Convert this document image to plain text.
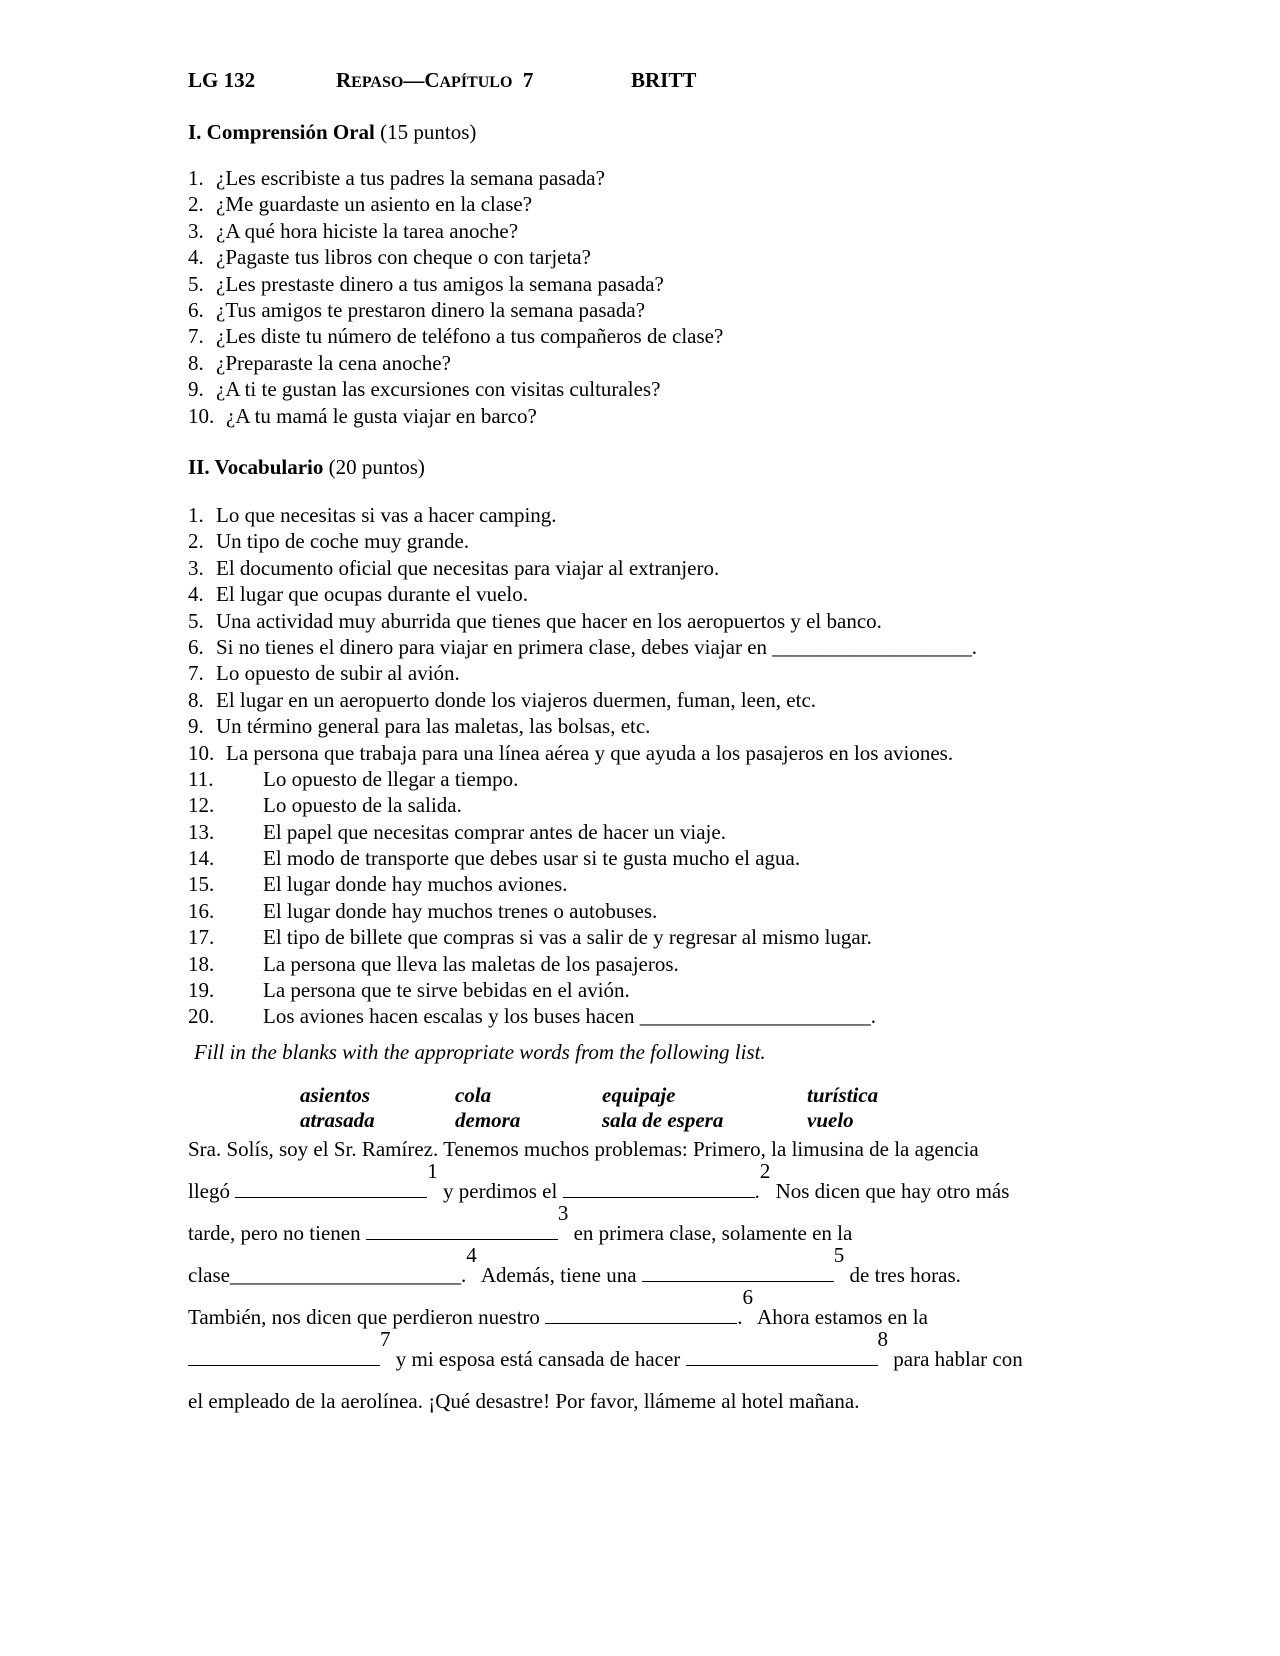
LG 132	REPASO—CAPÍTULO 7	BRITT
I. Comprensión Oral (15 puntos)
1. ¿Les escribiste a tus padres la semana pasada?
2. ¿Me guardaste un asiento en la clase?
3. ¿A qué hora hiciste la tarea anoche?
4. ¿Pagaste tus libros con cheque o con tarjeta?
5. ¿Les prestaste dinero a tus amigos la semana pasada?
6. ¿Tus amigos te prestaron dinero la semana pasada?
7. ¿Les diste tu número de teléfono a tus compañeros de clase?
8. ¿Preparaste la cena anoche?
9. ¿A ti te gustan las excursiones con visitas culturales?
10. ¿A tu mamá le gusta viajar en barco?
II. Vocabulario (20 puntos)
1. Lo que necesitas si vas a hacer camping.
2. Un tipo de coche muy grande.
3. El documento oficial que necesitas para viajar al extranjero.
4. El lugar que ocupas durante el vuelo.
5. Una actividad muy aburrida que tienes que hacer en los aeropuertos y el banco.
6. Si no tienes el dinero para viajar en primera clase, debes viajar en ___________________.
7. Lo opuesto de subir al avión.
8. El lugar en un aeropuerto donde los viajeros duermen, fuman, leen, etc.
9. Un término general para las maletas, las bolsas, etc.
10. La persona que trabaja para una línea aérea y que ayuda a los pasajeros en los aviones.
11. Lo opuesto de llegar a tiempo.
12. Lo opuesto de la salida.
13. El papel que necesitas comprar antes de hacer un viaje.
14. El modo de transporte que debes usar si te gusta mucho el agua.
15. El lugar donde hay muchos aviones.
16. El lugar donde hay muchos trenes o autobuses.
17. El tipo de billete que compras si vas a salir de y regresar al mismo lugar.
18. La persona que lleva las maletas de los pasajeros.
19. La persona que te sirve bebidas en el avión.
20. Los aviones hacen escalas y los buses hacen ______________________.
Fill in the blanks with the appropriate words from the following list.
asientos	cola	equipaje	turística
atrasada	demora	sala de espera	vuelo
Sra. Solís, soy el Sr. Ramírez. Tenemos muchos problemas: Primero, la limusina de la agencia
llegó 1 y perdimos el	.2 Nos dicen que hay otro más
tarde, pero no tienen 3 en primera clase, solamente en la
clase______________________.4 Además, tiene una 5 de tres horas.
También, nos dicen que perdieron nuestro	.6 Ahora estamos en la
7 y mi esposa está cansada de hacer 8 para hablar con
el empleado de la aerolínea. ¡Qué desastre! Por favor, llámeme al hotel mañana.
